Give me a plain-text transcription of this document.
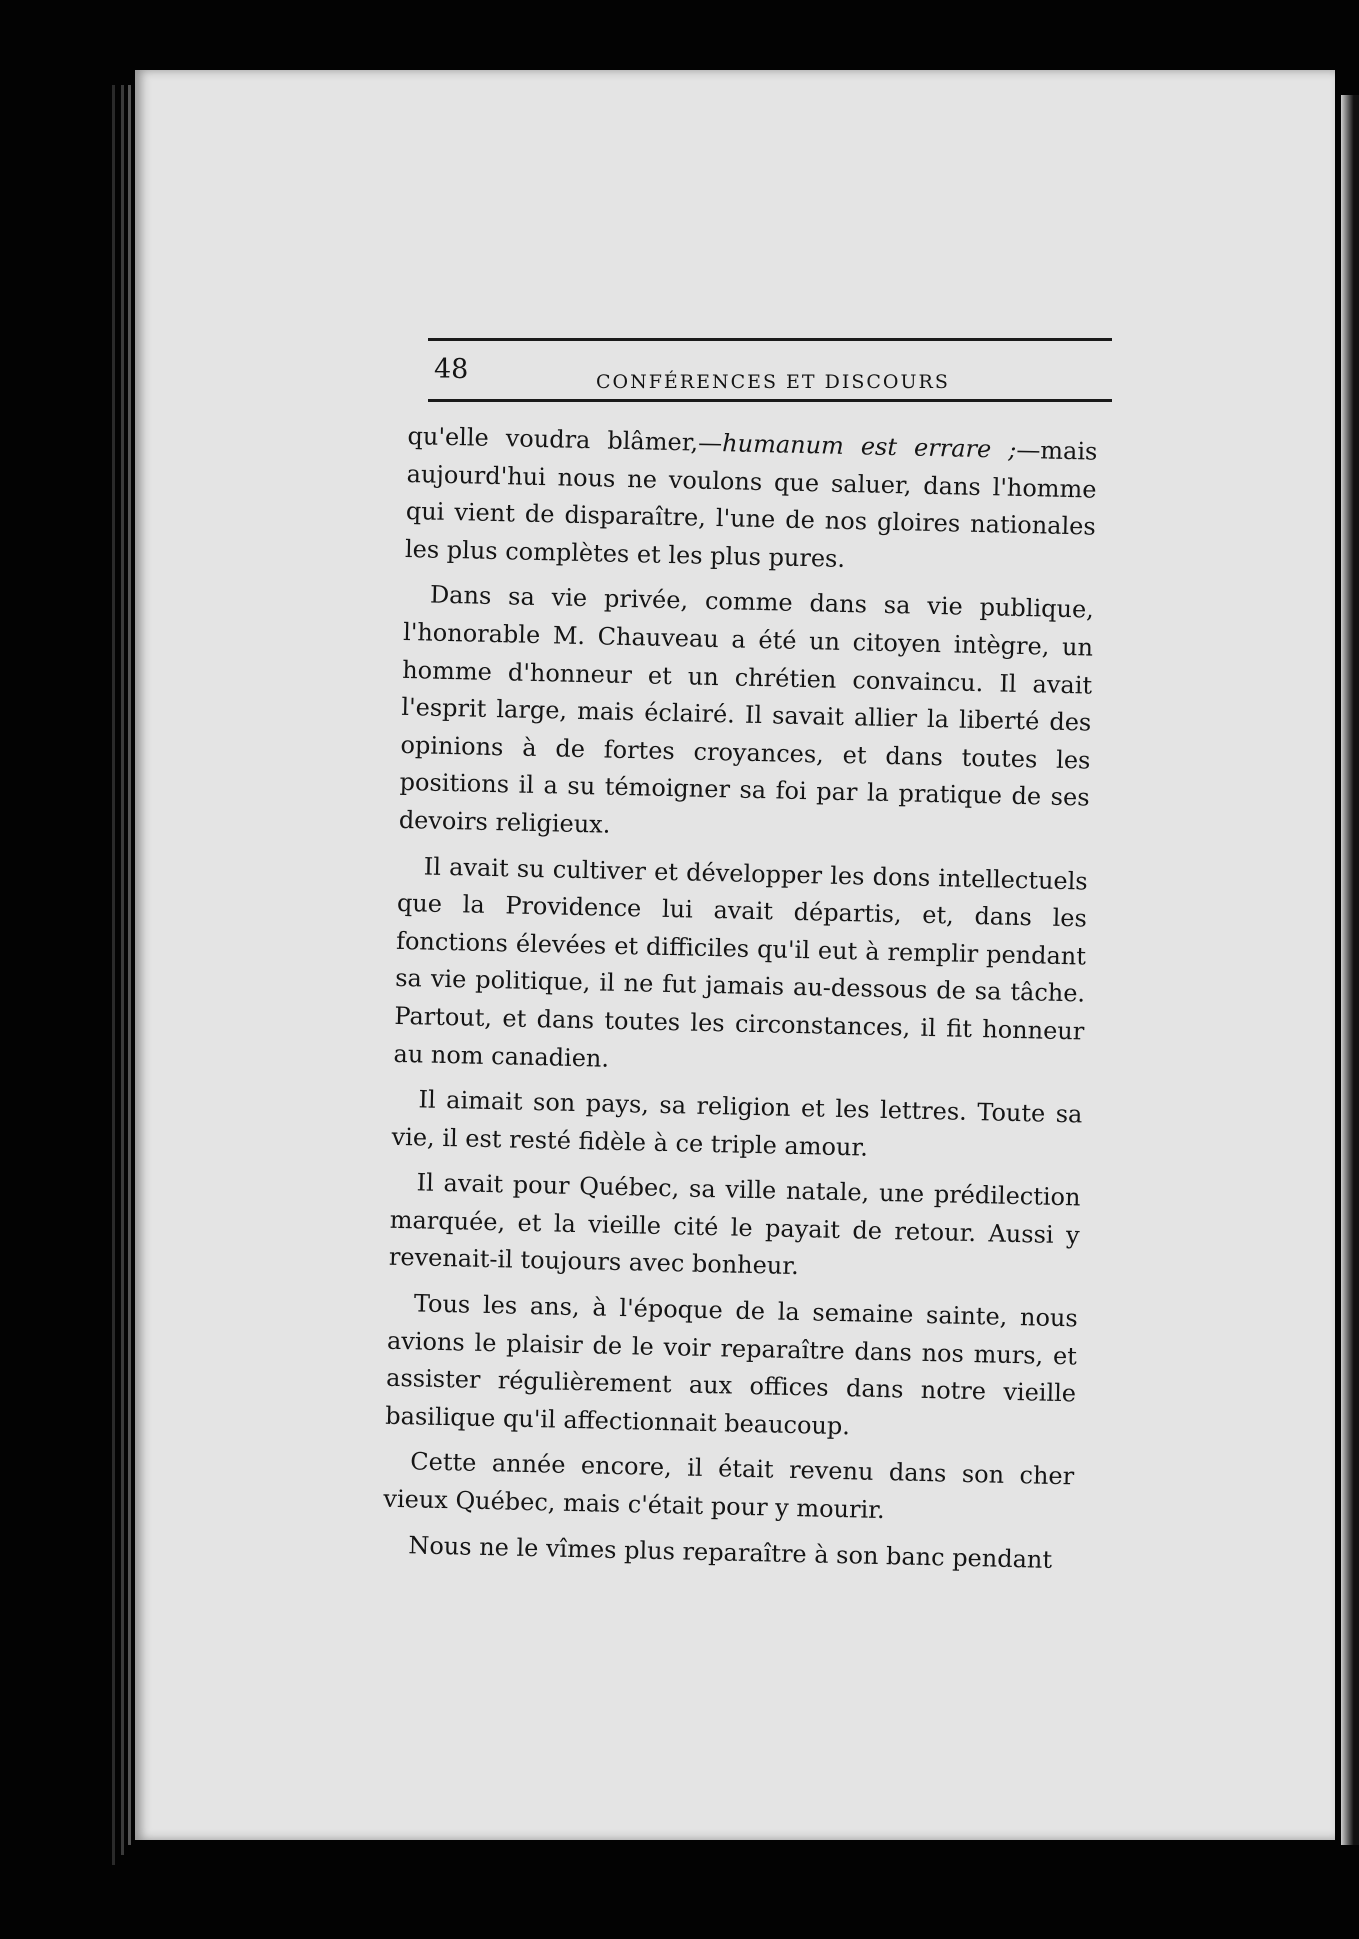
48	CONFÉRENCES ET DISCOURS

qu'elle voudra blâmer,—humanum est errare ;—mais aujourd'hui nous ne voulons que saluer, dans l'homme qui vient de disparaître, l'une de nos gloires nationales les plus complètes et les plus pures.

Dans sa vie privée, comme dans sa vie publique, l'honorable M. Chauveau a été un citoyen intègre, un homme d'honneur et un chrétien convaincu. Il avait l'esprit large, mais éclairé. Il savait allier la liberté des opinions à de fortes croyances, et dans toutes les positions il a su témoigner sa foi par la pratique de ses devoirs religieux.

Il avait su cultiver et développer les dons intellectuels que la Providence lui avait départis, et, dans les fonctions élevées et difficiles qu'il eut à remplir pendant sa vie politique, il ne fut jamais au-dessous de sa tâche. Partout, et dans toutes les circonstances, il fit honneur au nom canadien.

Il aimait son pays, sa religion et les lettres. Toute sa vie, il est resté fidèle à ce triple amour.

Il avait pour Québec, sa ville natale, une prédilection marquée, et la vieille cité le payait de retour. Aussi y revenait-il toujours avec bonheur.

Tous les ans, à l'époque de la semaine sainte, nous avions le plaisir de le voir reparaître dans nos murs, et assister régulièrement aux offices dans notre vieille basilique qu'il affectionnait beaucoup.

Cette année encore, il était revenu dans son cher vieux Québec, mais c'était pour y mourir.

Nous ne le vîmes plus reparaître à son banc pendant
